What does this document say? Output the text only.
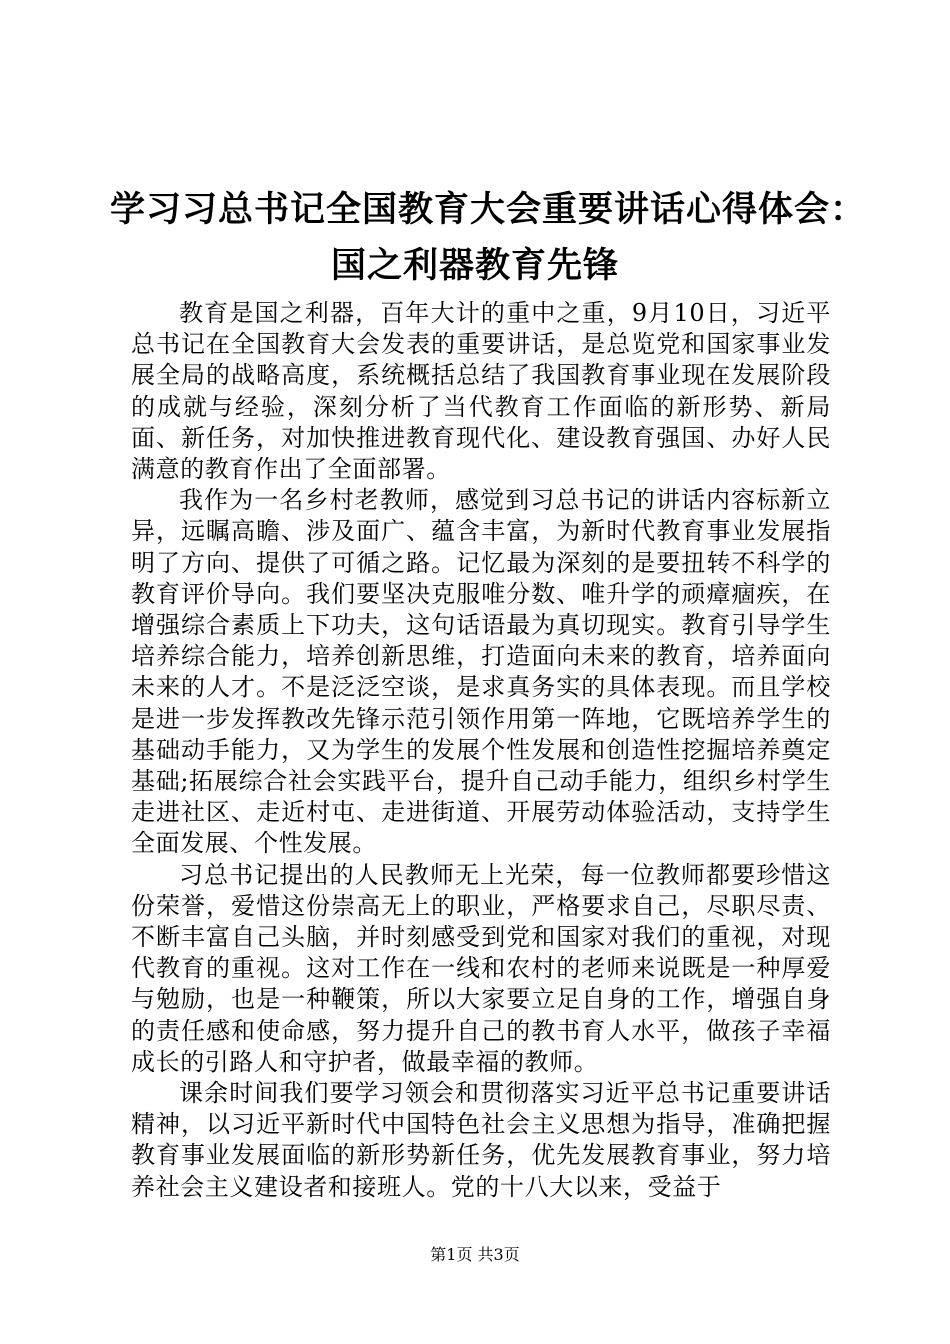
学习习总书记全国教育大会重要讲话心得体会：
国之利器教育先锋

教育是国之利器，百年大计的重中之重，9月10日，习近平总书记在全国教育大会发表的重要讲话，是总览党和国家事业发展全局的战略高度，系统概括总结了我国教育事业现在发展阶段的成就与经验，深刻分析了当代教育工作面临的新形势、新局面、新任务，对加快推进教育现代化、建设教育强国、办好人民满意的教育作出了全面部署。

我作为一名乡村老教师，感觉到习总书记的讲话内容标新立异，远瞩高瞻、涉及面广、蕴含丰富，为新时代教育事业发展指明了方向、提供了可循之路。记忆最为深刻的是要扭转不科学的教育评价导向。我们要坚决克服唯分数、唯升学的顽瘴痼疾，在增强综合素质上下功夫，这句话语最为真切现实。教育引导学生培养综合能力，培养创新思维，打造面向未来的教育，培养面向未来的人才。不是泛泛空谈，是求真务实的具体表现。而且学校是进一步发挥教改先锋示范引领作用第一阵地，它既培养学生的基础动手能力，又为学生的发展个性发展和创造性挖掘培养奠定基础;拓展综合社会实践平台，提升自己动手能力，组织乡村学生走进社区、走近村屯、走进街道、开展劳动体验活动，支持学生全面发展、个性发展。

习总书记提出的人民教师无上光荣，每一位教师都要珍惜这份荣誉，爱惜这份崇高无上的职业，严格要求自己，尽职尽责、不断丰富自己头脑，并时刻感受到党和国家对我们的重视，对现代教育的重视。这对工作在一线和农村的老师来说既是一种厚爱与勉励，也是一种鞭策，所以大家要立足自身的工作，增强自身的责任感和使命感，努力提升自己的教书育人水平，做孩子幸福成长的引路人和守护者，做最幸福的教师。

课余时间我们要学习领会和贯彻落实习近平总书记重要讲话精神，以习近平新时代中国特色社会主义思想为指导，准确把握教育事业发展面临的新形势新任务，优先发展教育事业，努力培养社会主义建设者和接班人。党的十八大以来，受益于

第1页 共3页
